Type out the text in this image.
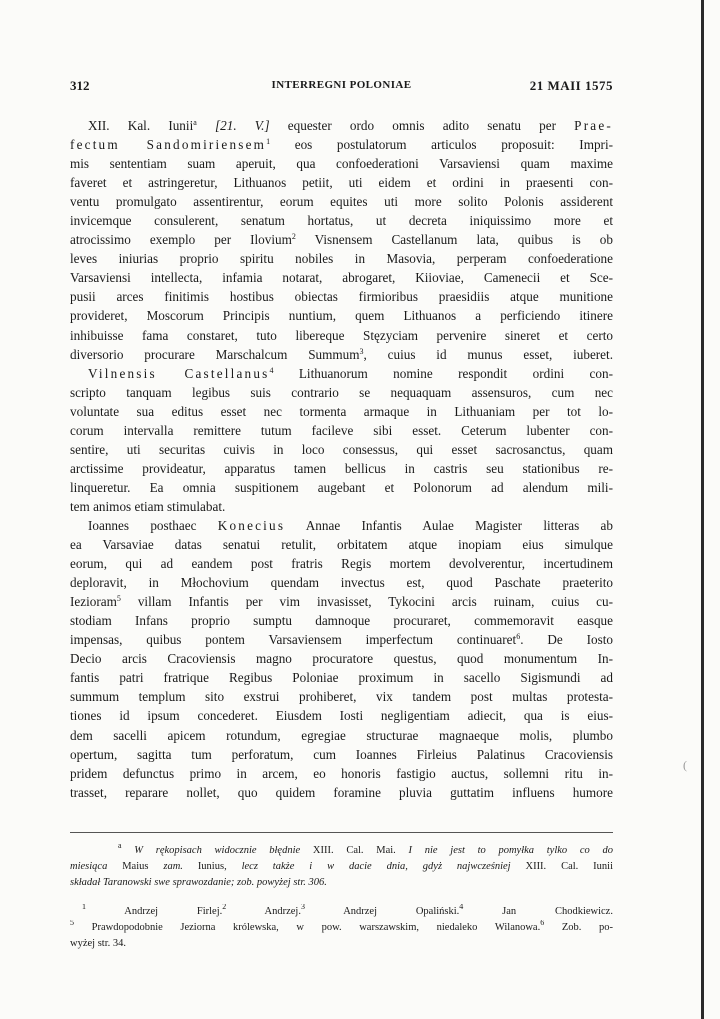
312	INTERREGNI POLONIAE	21 MAII 1575
XII. Kal. Iunii$^a$ [21. V.] equester ordo omnis adito senatu per Prae-
fectum Sandomiriensem$^1$ eos postulatorum articulos proposuit: Impri-
mis sententiam suam aperuit, qua confoederationi Varsaviensi quam maxime
faveret et astringeretur, Lithuanos petiit, uti eidem et ordini in praesenti con-
ventu promulgato assentirentur, eorum equites uti more solito Polonis assiderent
invicemque consulerent, senatum hortatus, ut decreta iniquissimo more et
atrocissimo exemplo per Ilovium$^2$ Visnensem Castellanum lata, quibus is ob
leves iniurias proprio spiritu nobiles in Masovia, perperam confoederatione
Varsaviensi intellecta, infamia notarat, abrogaret, Kiioviae, Camenecii et Sce-
pusii arces finitimis hostibus obiectas firmioribus praesidiis atque munitione
provideret, Moscorum Principis nuntium, quem Lithuanos a perficiendo itinere
inhibuisse fama constaret, tuto libereque Stęzyciam pervenire sineret et certo
diversorio procurare Marschalcum Summum$^3$, cuius id munus esset, iuberet.
Vilnensis Castellanus$^4$ Lithuanorum nomine respondit ordini con-
scripto tanquam legibus suis contrario se nequaquam assensuros, cum nec
voluntate sua editus esset nec tormenta armaque in Lithuaniam per tot lo-
corum intervalla remittere tutum facileve sibi esset. Ceterum lubenter con-
sentire, uti securitas cuivis in loco consessus, qui esset sacrosanctus, quam
arctissime provideatur, apparatus tamen bellicus in castris seu stationibus re-
linqueretur. Ea omnia suspitionem augebant et Polonorum ad alendum mili-
tem animos etiam stimulabat.
Ioannes posthaec Konecius Annae Infantis Aulae Magister litteras ab
ea Varsaviae datas senatui retulit, orbitatem atque inopiam eius simulque
eorum, qui ad eandem post fratris Regis mortem devolverentur, incertudinem
deploravit, in Młochovium quendam invectus est, quod Paschate praeterito
Iezioram$^5$ villam Infantis per vim invasisset, Tykocini arcis ruinam, cuius cu-
stodiam Infans proprio sumptu damnoque procuraret, commemoravit easque
impensas, quibus pontem Varsaviensem imperfectum continuaret$^6$. De Iosto
Decio arcis Cracoviensis magno procuratore questus, quod monumentum In-
fantis patri fratrique Regibus Poloniae proximum in sacello Sigismundi ad
summum templum sito exstrui prohiberet, vix tandem post multas protesta-
tiones id ipsum concederet. Eiusdem Iosti negligentiam adiecit, qua is eius-
dem sacelli apicem rotundum, egregiae structurae magnaeque molis, plumbo
opertum, sagitta tum perforatum, cum Ioannes Firleius Palatinus Cracoviensis
pridem defunctus primo in arcem, eo honoris fastigio auctus, sollemni ritu in-
trasset, reparare nollet, quo quidem foramine pluvia guttatim influens humore
$^a$ W rękopisach widocznie błędnie XIII. Cal. Mai. I nie jest to pomyłka tylko co do
miesiąca Maius zam. Iunius, lecz także i w dacie dnia, gdyż najwcześniej XIII. Cal. Iunii
składał Taranowski swe sprawozdanie; zob. powyżej str. 306.
$^1$ Andrzej Firlej.$^2$ Andrzej.$^3$ Andrzej Opaliński.$^4$ Jan Chodkiewicz.
$^5$ Prawdopodobnie Jeziorna królewska, w pow. warszawskim, niedaleko Wilanowa.$^6$ Zob. po-
wyżej str. 34.
(
